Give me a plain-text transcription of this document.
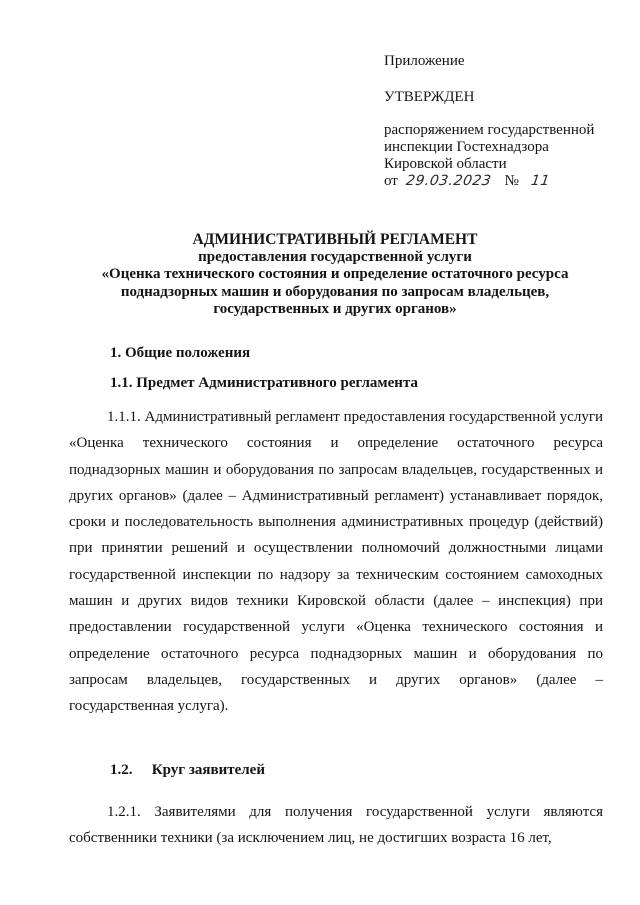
Приложение
УТВЕРЖДЕН
распоряжением государственной
инспекции Гостехнадзора
Кировской области
от 29.03.2023 № 11
АДМИНИСТРАТИВНЫЙ РЕГЛАМЕНТ
предоставления государственной услуги
«Оценка технического состояния и определение остаточного ресурса
поднадзорных машин и оборудования по запросам владельцев,
государственных и других органов»
1. Общие положения
1.1. Предмет Административного регламента

1.1.1. Административный регламент предоставления государственной услуги «Оценка технического состояния и определение остаточного ресурса поднадзорных машин и оборудования по запросам владельцев, государственных и других органов» (далее – Административный регламент) устанавливает порядок, сроки и последовательность выполнения административных процедур (действий) при принятии решений и осуществлении полномочий должностными лицами государственной инспекции по надзору за техническим состоянием самоходных машин и других видов техники Кировской области (далее – инспекция) при предоставлении государственной услуги «Оценка технического состояния и определение остаточного ресурса поднадзорных машин и оборудования по запросам владельцев, государственных и других органов» (далее – государственная услуга).

1.2. Круг заявителей

1.2.1. Заявителями для получения государственной услуги являются собственники техники (за исключением лиц, не достигших возраста 16 лет,
